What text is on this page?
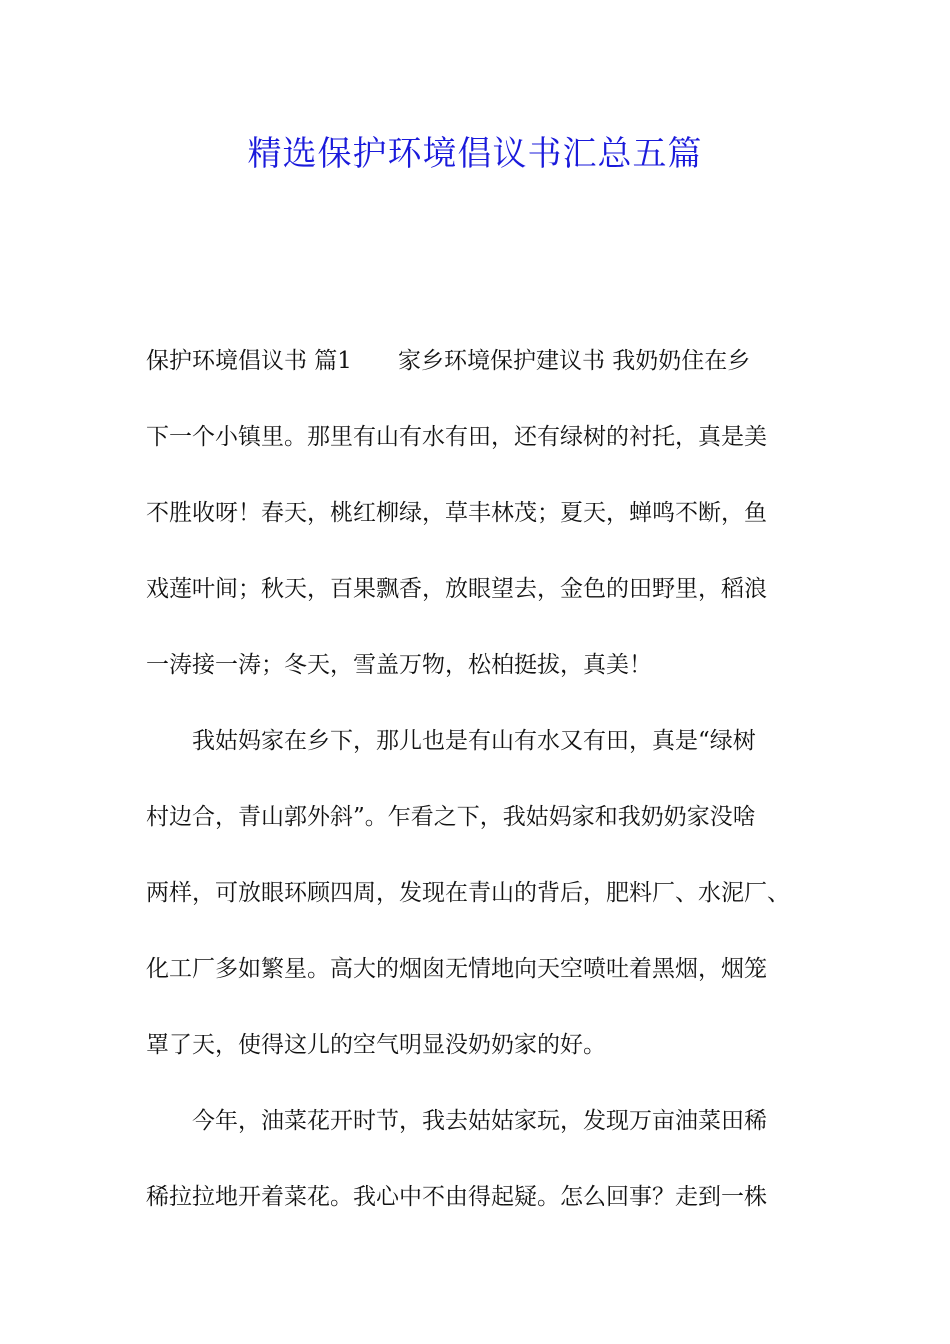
精选保护环境倡议书汇总五篇
保护环境倡议书 篇1 家乡环境保护建议书 我奶奶住在乡
下一个小镇里。那里有山有水有田，还有绿树的衬托，真是美
不胜收呀！春天，桃红柳绿，草丰林茂；夏天，蝉鸣不断，鱼
戏莲叶间；秋天，百果飘香，放眼望去，金色的田野里，稻浪
一涛接一涛；冬天，雪盖万物，松柏挺拔，真美！
我姑妈家在乡下，那儿也是有山有水又有田，真是“绿树
村边合，青山郭外斜”。乍看之下，我姑妈家和我奶奶家没啥
两样，可放眼环顾四周，发现在青山的背后，肥料厂、水泥厂、
化工厂多如繁星。高大的烟囱无情地向天空喷吐着黑烟，烟笼
罩了天，使得这儿的空气明显没奶奶家的好。
今年，油菜花开时节，我去姑姑家玩，发现万亩油菜田稀
稀拉拉地开着菜花。我心中不由得起疑。怎么回事？走到一株
